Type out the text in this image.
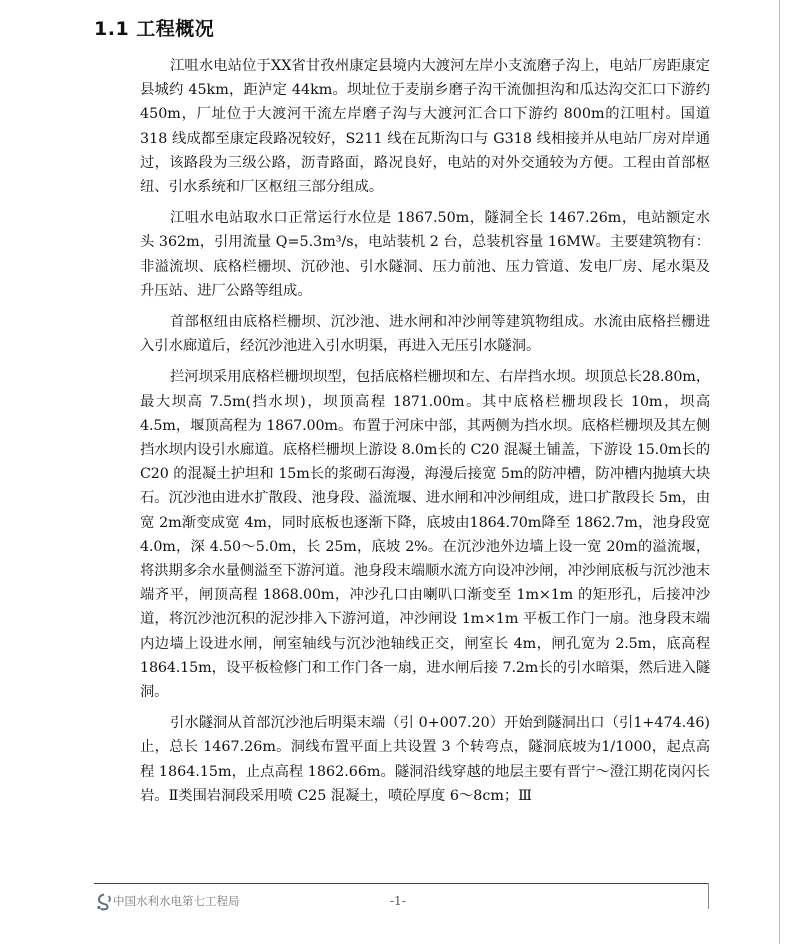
1.1 工程概况

江咀水电站位于XX省甘孜州康定县境内大渡河左岸小支流磨子沟上，电站厂房距康定县城约 45km，距泸定 44km。坝址位于麦崩乡磨子沟干流伽担沟和瓜达沟交汇口下游约 450m，厂址位于大渡河干流左岸磨子沟与大渡河汇合口下游约 800m的江咀村。国道 318 线成都至康定段路况较好，S211 线在瓦斯沟口与 G318 线相接并从电站厂房对岸通过，该路段为三级公路，沥青路面，路况良好，电站的对外交通较为方便。工程由首部枢纽、引水系统和厂区枢纽三部分组成。

江咀水电站取水口正常运行水位是 1867.50m，隧洞全长 1467.26m，电站额定水头 362m，引用流量 Q=5.3m³/s，电站装机 2 台，总装机容量 16MW。主要建筑物有：非溢流坝、底格栏栅坝、沉砂池、引水隧洞、压力前池、压力管道、发电厂房、尾水渠及升压站、进厂公路等组成。

首部枢纽由底格栏栅坝、沉沙池、进水闸和冲沙闸等建筑物组成。水流由底格拦栅进入引水廊道后，经沉沙池进入引水明渠，再进入无压引水隧洞。

拦河坝采用底格栏栅坝坝型，包括底格栏栅坝和左、右岸挡水坝。坝顶总长28.80m，最大坝高 7.5m(挡水坝)，坝顶高程 1871.00m。其中底格栏栅坝段长 10m，坝高 4.5m，堰顶高程为 1867.00m。布置于河床中部，其两侧为挡水坝。底格栏栅坝及其左侧挡水坝内设引水廊道。底格栏栅坝上游设 8.0m长的 C20 混凝土铺盖，下游设 15.0m长的C20 的混凝土护坦和 15m长的浆砌石海漫，海漫后接宽 5m的防冲槽，防冲槽内抛填大块石。沉沙池由进水扩散段、池身段、溢流堰、进水闸和冲沙闸组成，进口扩散段长 5m，由宽 2m渐变成宽 4m，同时底板也逐渐下降，底坡由1864.70m降至 1862.7m，池身段宽 4.0m，深 4.50～5.0m，长 25m，底坡 2%。在沉沙池外边墙上设一宽 20m的溢流堰，将洪期多余水量侧溢至下游河道。池身段末端顺水流方向设冲沙闸，冲沙闸底板与沉沙池末端齐平，闸顶高程 1868.00m，冲沙孔口由喇叭口渐变至 1m×1m 的矩形孔，后接冲沙道，将沉沙池沉积的泥沙排入下游河道，冲沙闸设 1m×1m 平板工作门一扇。池身段末端内边墙上设进水闸，闸室轴线与沉沙池轴线正交，闸室长 4m，闸孔宽为 2.5m，底高程 1864.15m，设平板检修门和工作门各一扇，进水闸后接 7.2m长的引水暗渠，然后进入隧洞。

引水隧洞从首部沉沙池后明渠末端（引 0+007.20）开始到隧洞出口（引1+474.46)止，总长 1467.26m。洞线布置平面上共设置 3 个转弯点，隧洞底坡为1/1000，起点高程 1864.15m，止点高程 1862.66m。隧洞沿线穿越的地层主要有晋宁～澄江期花岗闪长岩。Ⅱ类围岩洞段采用喷 C25 混凝土，喷砼厚度 6～8cm；Ⅲ

中国水利水电第七工程局	-1-
